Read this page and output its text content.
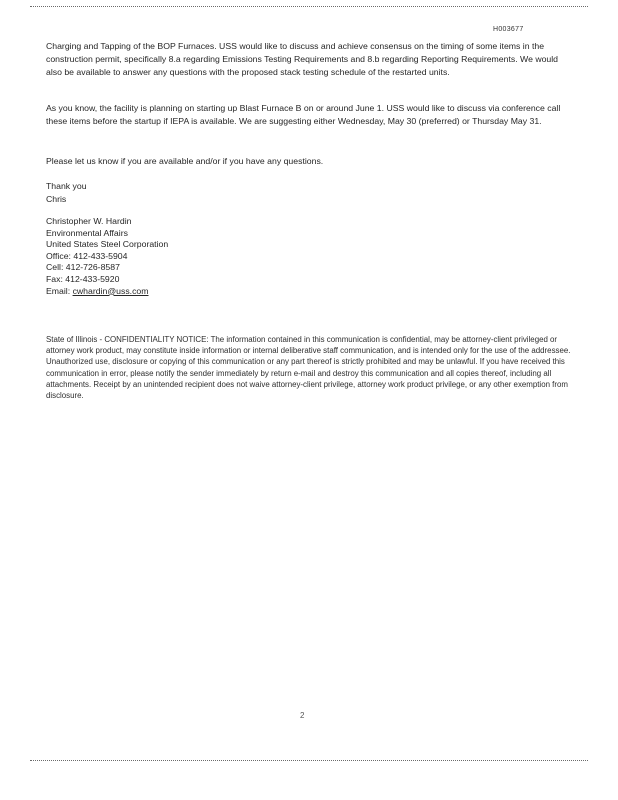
H003677
Charging and Tapping of the BOP Furnaces. USS would like to discuss and achieve consensus on the timing of some items in the construction permit, specifically 8.a regarding Emissions Testing Requirements and 8.b regarding Reporting Requirements. We would also be available to answer any questions with the proposed stack testing schedule of the restarted units.
As you know, the facility is planning on starting up Blast Furnace B on or around June 1. USS would like to discuss via conference call these items before the startup if IEPA is available. We are suggesting either Wednesday, May 30 (preferred) or Thursday May 31.
Please let us know if you are available and/or if you have any questions.
Thank you
Chris
Christopher W. Hardin
Environmental Affairs
United States Steel Corporation
Office: 412-433-5904
Cell: 412-726-8587
Fax: 412-433-5920
Email: cwhardin@uss.com
State of Illinois - CONFIDENTIALITY NOTICE: The information contained in this communication is confidential, may be attorney-client privileged or attorney work product, may constitute inside information or internal deliberative staff communication, and is intended only for the use of the addressee. Unauthorized use, disclosure or copying of this communication or any part thereof is strictly prohibited and may be unlawful. If you have received this communication in error, please notify the sender immediately by return e-mail and destroy this communication and all copies thereof, including all attachments. Receipt by an unintended recipient does not waive attorney-client privilege, attorney work product privilege, or any other exemption from disclosure.
2
